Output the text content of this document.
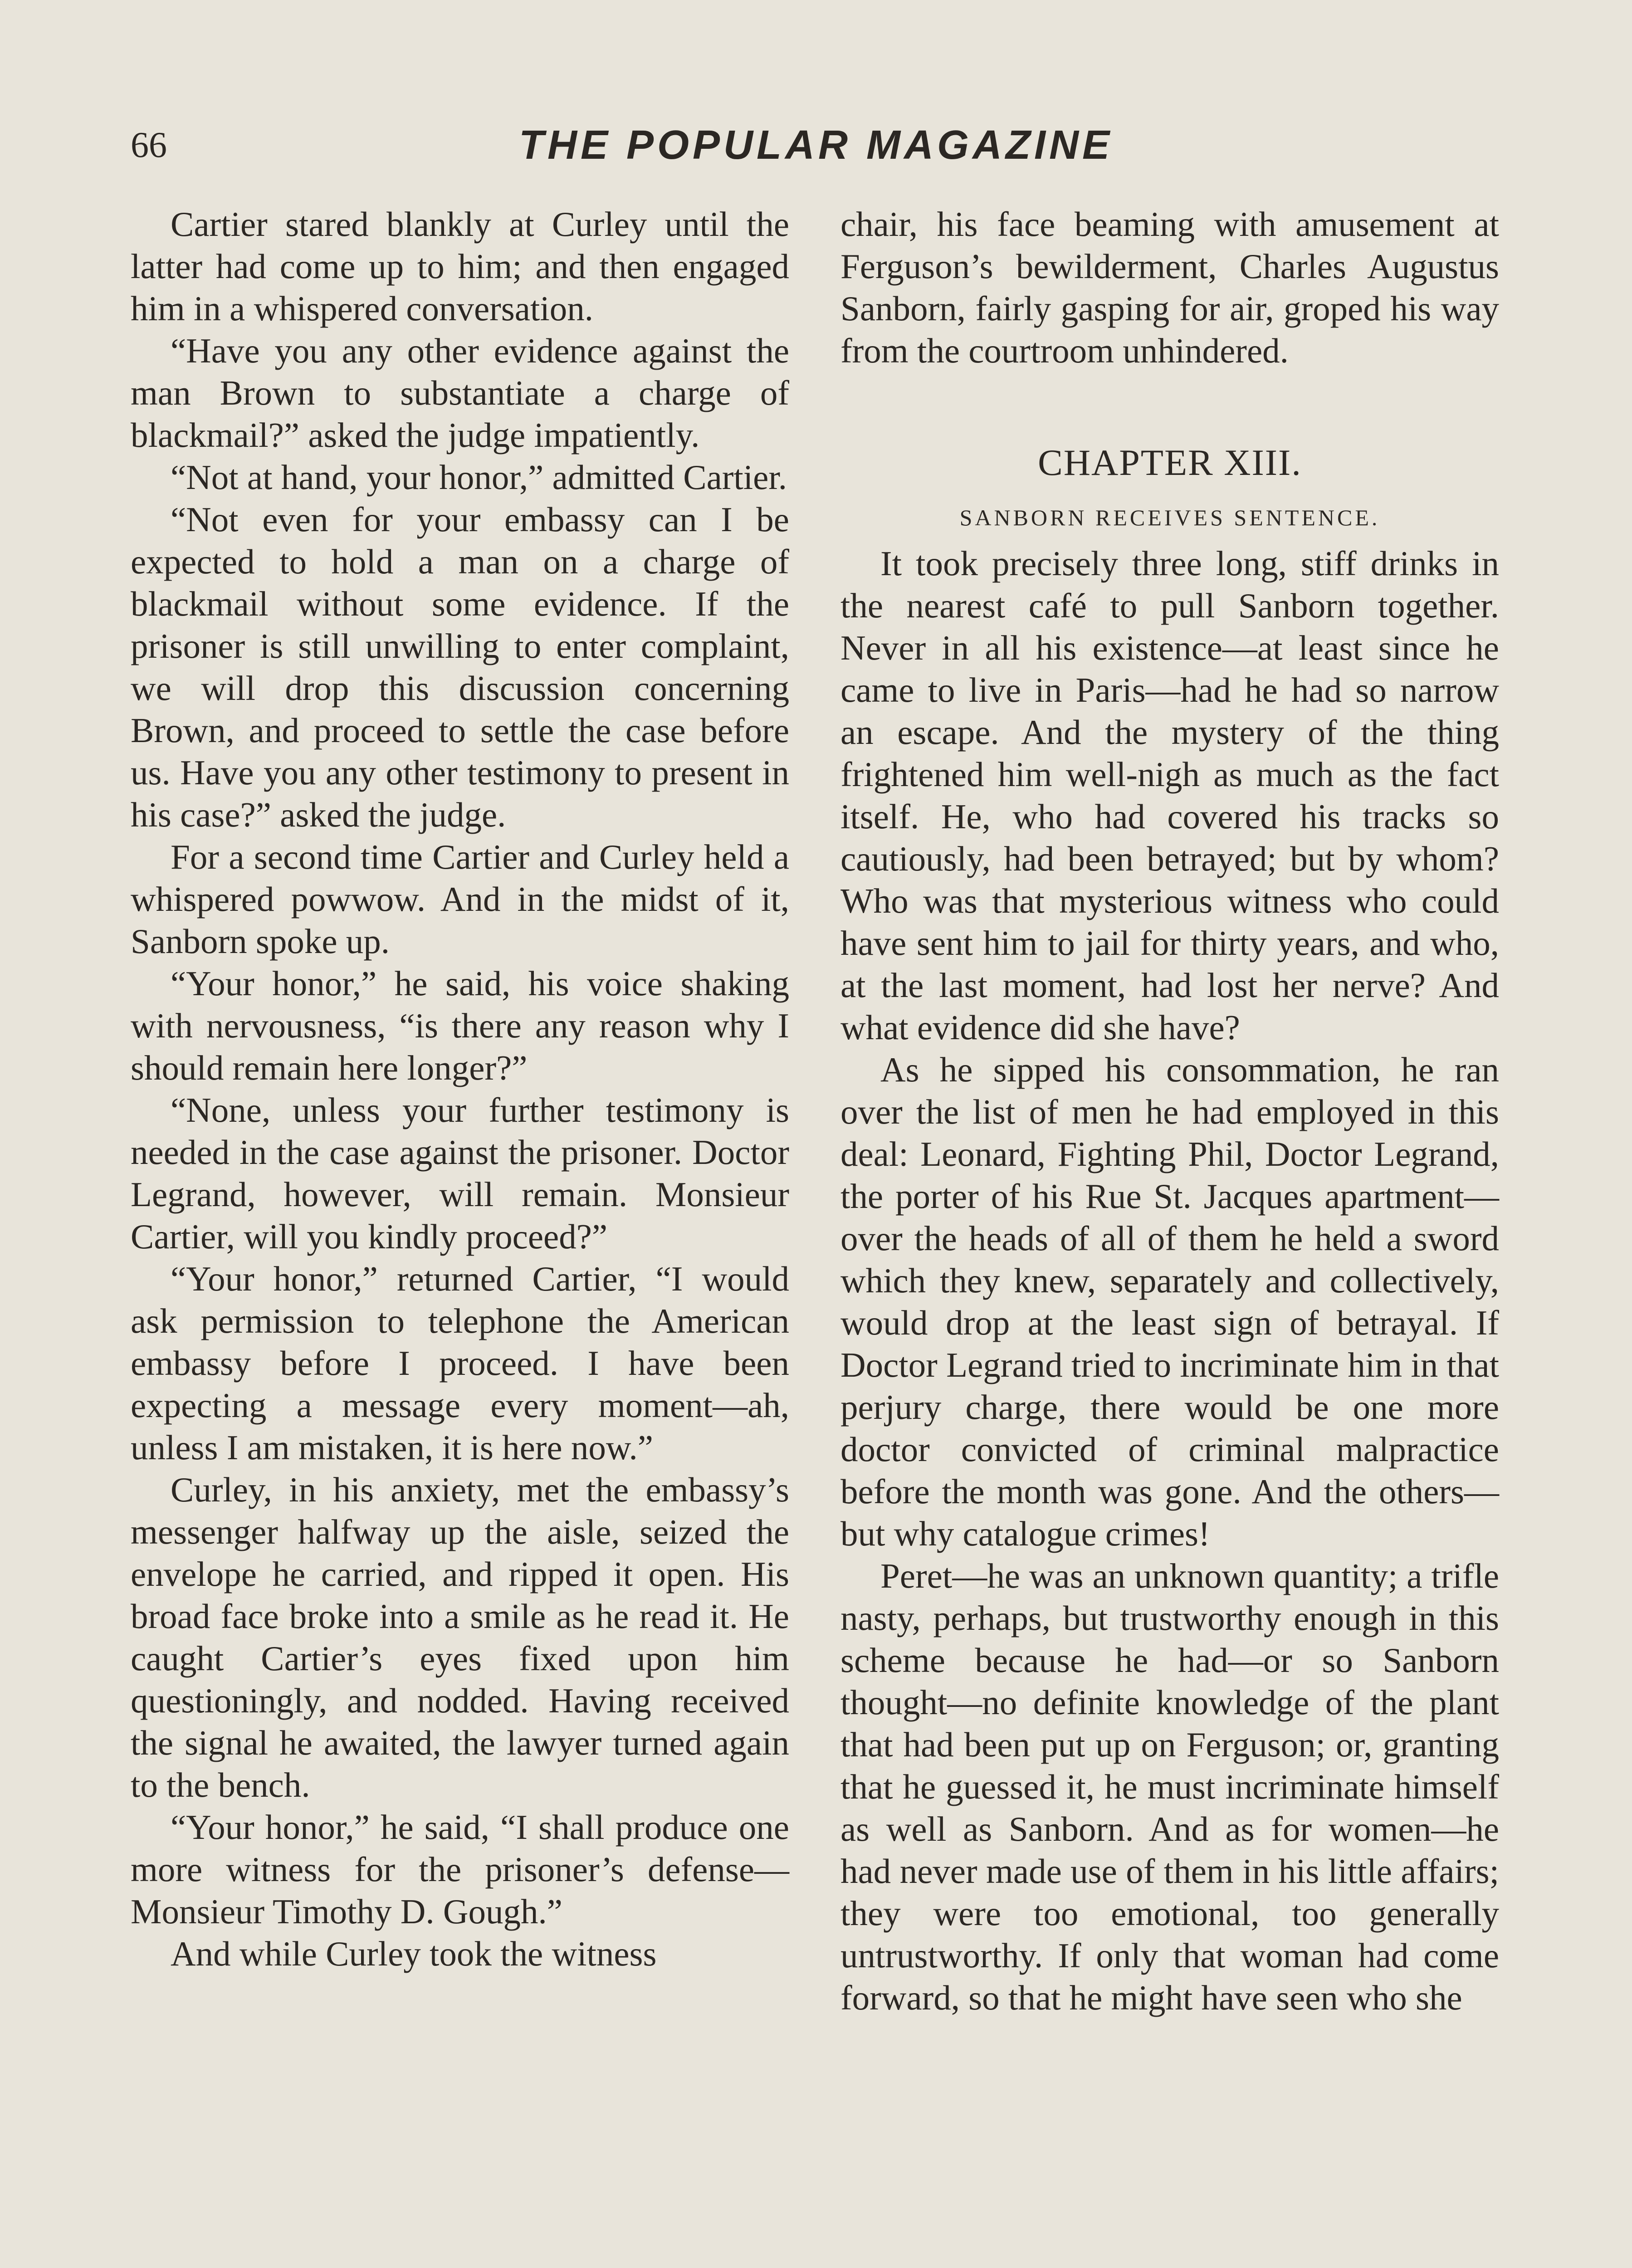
66	THE POPULAR MAGAZINE

Cartier stared blankly at Curley until the latter had come up to him; and then engaged him in a whispered conversation.

“Have you any other evidence against the man Brown to substantiate a charge of blackmail?” asked the judge impatiently.

“Not at hand, your honor,” admitted Cartier.

“Not even for your embassy can I be expected to hold a man on a charge of blackmail without some evidence. If the prisoner is still unwilling to enter complaint, we will drop this discussion concerning Brown, and proceed to settle the case before us. Have you any other testimony to present in his case?” asked the judge.

For a second time Cartier and Curley held a whispered powwow. And in the midst of it, Sanborn spoke up.

“Your honor,” he said, his voice shaking with nervousness, “is there any reason why I should remain here longer?”

“None, unless your further testimony is needed in the case against the prisoner. Doctor Legrand, however, will remain. Monsieur Cartier, will you kindly proceed?”

“Your honor,” returned Cartier, “I would ask permission to telephone the American embassy before I proceed. I have been expecting a message every moment—ah, unless I am mistaken, it is here now.”

Curley, in his anxiety, met the embassy’s messenger halfway up the aisle, seized the envelope he carried, and ripped it open. His broad face broke into a smile as he read it. He caught Cartier’s eyes fixed upon him questioningly, and nodded. Having received the signal he awaited, the lawyer turned again to the bench.

“Your honor,” he said, “I shall produce one more witness for the prisoner’s defense—Monsieur Timothy D. Gough.”

And while Curley took the witness

chair, his face beaming with amusement at Ferguson’s bewilderment, Charles Augustus Sanborn, fairly gasping for air, groped his way from the courtroom unhindered.

CHAPTER XIII.
SANBORN RECEIVES SENTENCE.

It took precisely three long, stiff drinks in the nearest café to pull Sanborn together. Never in all his existence—at least since he came to live in Paris—had he had so narrow an escape. And the mystery of the thing frightened him well-nigh as much as the fact itself. He, who had covered his tracks so cautiously, had been betrayed; but by whom? Who was that mysterious witness who could have sent him to jail for thirty years, and who, at the last moment, had lost her nerve? And what evidence did she have?

As he sipped his consommation, he ran over the list of men he had employed in this deal: Leonard, Fighting Phil, Doctor Legrand, the porter of his Rue St. Jacques apartment—over the heads of all of them he held a sword which they knew, separately and collectively, would drop at the least sign of betrayal. If Doctor Legrand tried to incriminate him in that perjury charge, there would be one more doctor convicted of criminal malpractice before the month was gone. And the others—but why catalogue crimes!

Peret—he was an unknown quantity; a trifle nasty, perhaps, but trustworthy enough in this scheme because he had—or so Sanborn thought—no definite knowledge of the plant that had been put up on Ferguson; or, granting that he guessed it, he must incriminate himself as well as Sanborn. And as for women—he had never made use of them in his little affairs; they were too emotional, too generally untrustworthy. If only that woman had come forward, so that he might have seen who she
